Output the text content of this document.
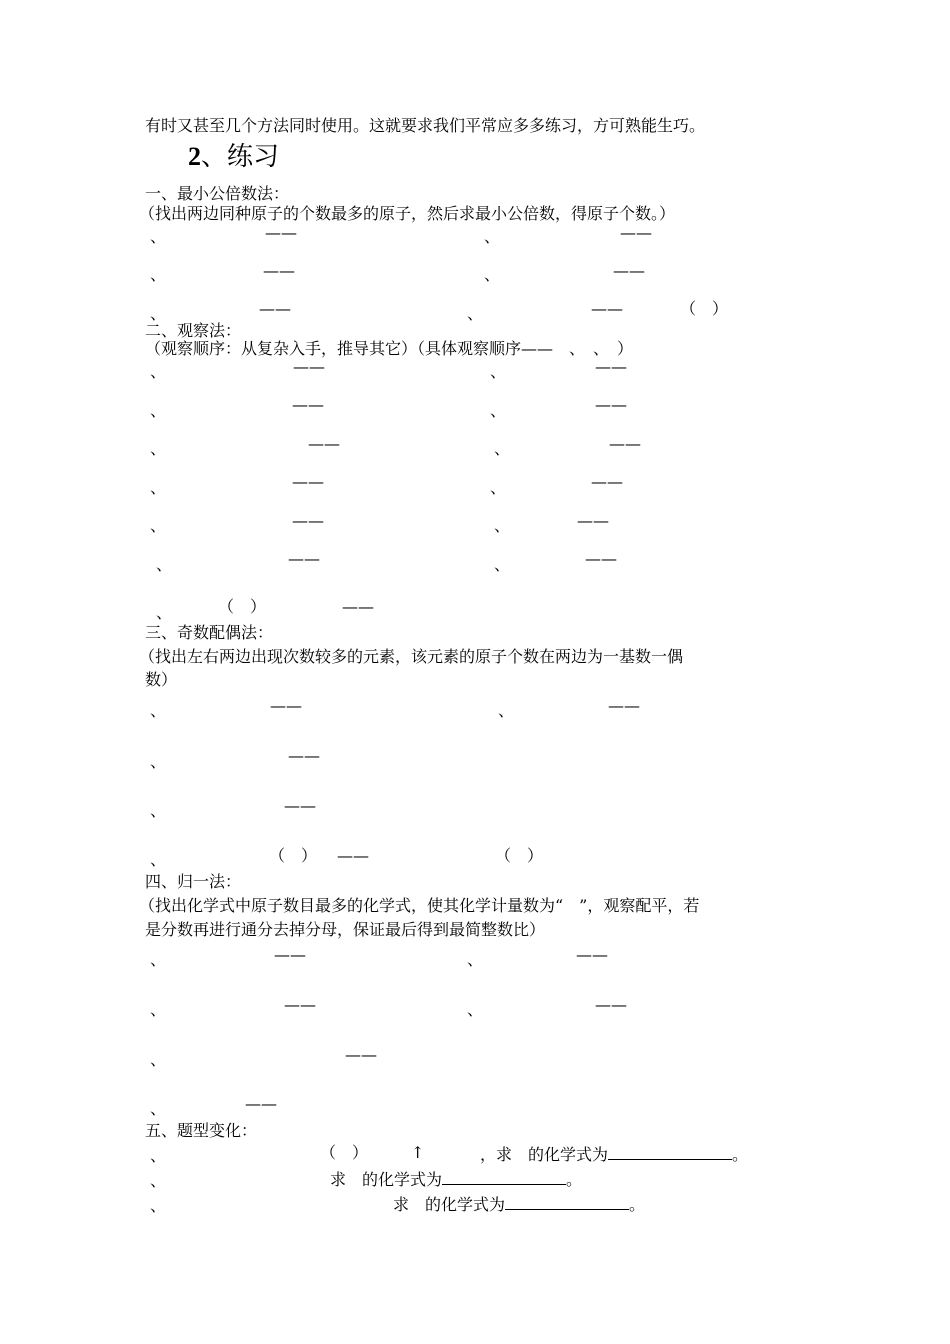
有时又甚至几个方法同时使用。这就要求我们平常应多多练习，方可熟能生巧。
2、练习
一、最小公倍数法：
（找出两边同种原子的个数最多的原子，然后求最小公倍数，得原子个数。）
、	——	、	——
、	——	、	——
、	——	、	——	（　）
二、观察法：
（观察顺序：从复杂入手，推导其它）（具体观察顺序——　、　、　）
、	——	、	——
、	——	、	——
、	——	、	——
、	——	、	——
、	——	、	——
、	——	、	——
、	（　）	——
三、奇数配偶法：
（找出左右两边出现次数较多的元素，该元素的原子个数在两边为一基数一偶
数）
、	——	、	——
、	——
、	——
、	（　） ——	（　）
四、归一法：
（找出化学式中原子数目最多的化学式，使其化学计量数为“　”，观察配平，若
是分数再进行通分去掉分母，保证最后得到最简整数比）
、	——	、	——
、	——	、	——
、	——
、	——
五、题型变化：
、	（　）	↑	，求　的化学式为	。
、	求　的化学式为	。
、	求　的化学式为	。
